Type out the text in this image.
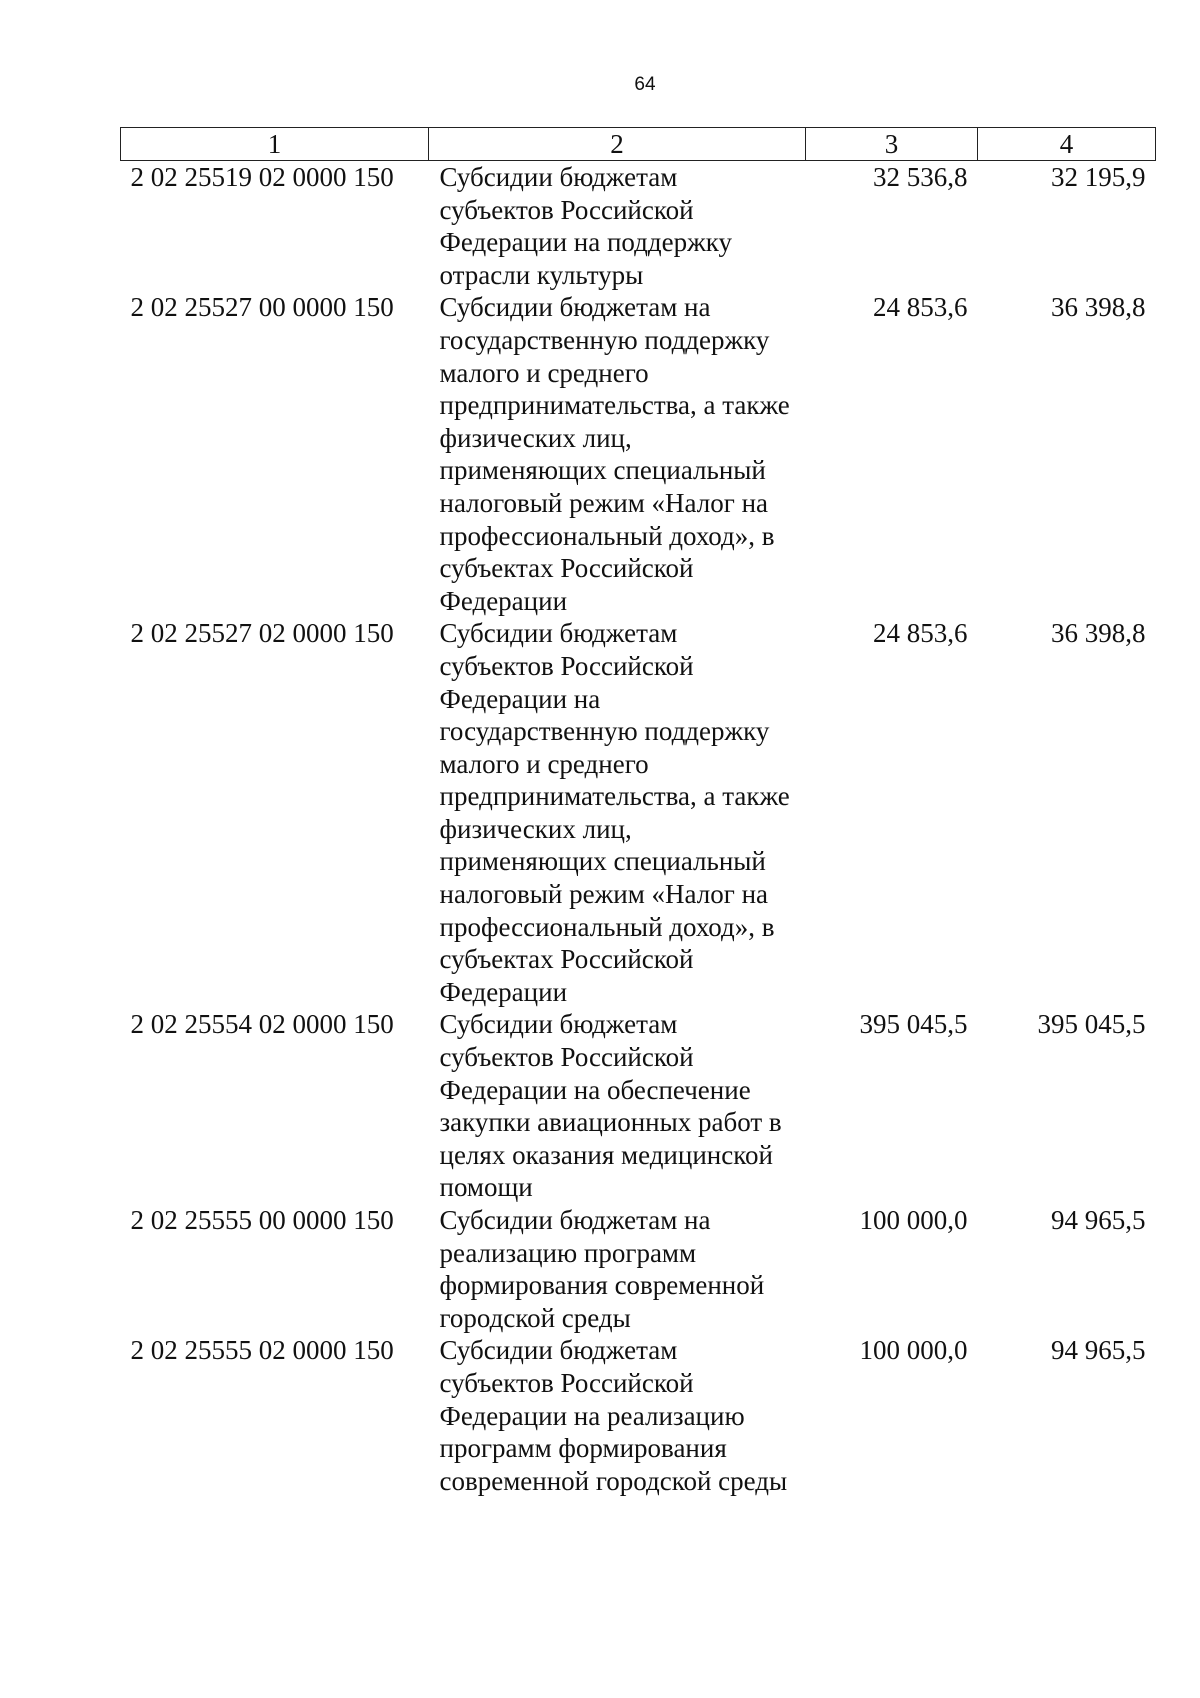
64
1	2	3	4
2 02 25519 02 0000 150	Субсидии бюджетам субъектов Российской Федерации на поддержку отрасли культуры	32 536,8	32 195,9
2 02 25527 00 0000 150	Субсидии бюджетам на государственную поддержку малого и среднего предпринимательства, а также физических лиц, применяющих специальный налоговый режим «Налог на профессиональный доход», в субъектах Российской Федерации	24 853,6	36 398,8
2 02 25527 02 0000 150	Субсидии бюджетам субъектов Российской Федерации на государственную поддержку малого и среднего предпринимательства, а также физических лиц, применяющих специальный налоговый режим «Налог на профессиональный доход», в субъектах Российской Федерации	24 853,6	36 398,8
2 02 25554 02 0000 150	Субсидии бюджетам субъектов Российской Федерации на обеспечение закупки авиационных работ в целях оказания медицинской помощи	395 045,5	395 045,5
2 02 25555 00 0000 150	Субсидии бюджетам на реализацию программ формирования современной городской среды	100 000,0	94 965,5
2 02 25555 02 0000 150	Субсидии бюджетам субъектов Российской Федерации на реализацию программ формирования современной городской среды	100 000,0	94 965,5
